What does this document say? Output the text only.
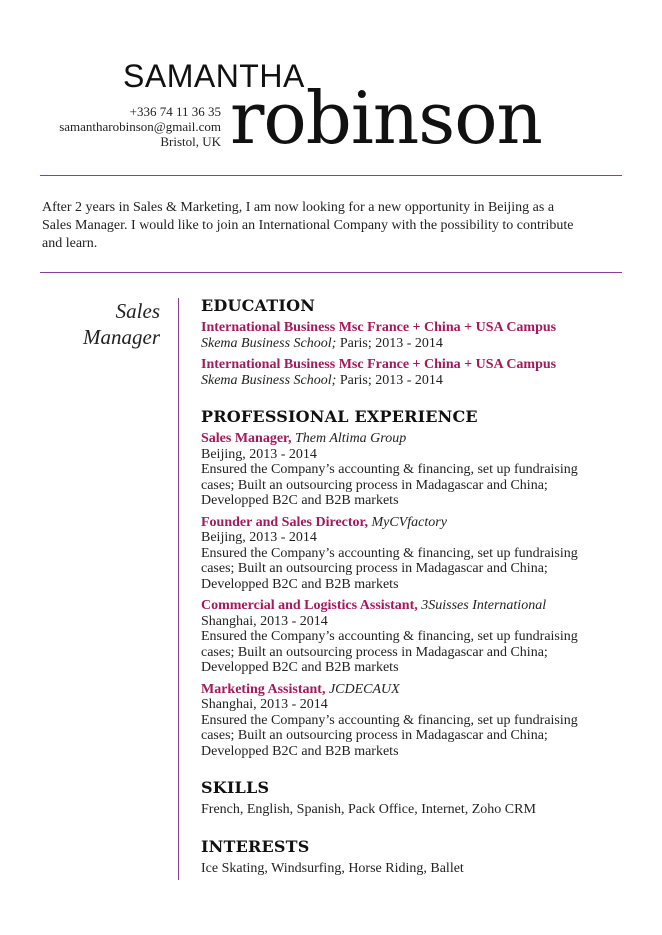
SAMANTHA
robinson
+336 74 11 36 35
samantharobinson@gmail.com
Bristol, UK
After 2 years in Sales & Marketing, I am now looking for a new opportunity in Beijing as a Sales Manager. I would like to join an International Company with the possibility to contribute and learn.
Sales
Manager
EDUCATION
International Business Msc France + China + USA Campus
Skema Business School; Paris; 2013 - 2014
International Business Msc France + China + USA Campus
Skema Business School; Paris; 2013 - 2014
PROFESSIONAL EXPERIENCE
Sales Manager, Them Altima Group
Beijing, 2013 - 2014
Ensured the Company’s accounting & financing, set up fundraising
cases; Built an outsourcing process in Madagascar and China;
Developped B2C and B2B markets
Founder and Sales Director, MyCVfactory
Beijing, 2013 - 2014
Ensured the Company’s accounting & financing, set up fundraising
cases; Built an outsourcing process in Madagascar and China;
Developped B2C and B2B markets
Commercial and Logistics Assistant, 3Suisses International
Shanghai, 2013 - 2014
Ensured the Company’s accounting & financing, set up fundraising
cases; Built an outsourcing process in Madagascar and China;
Developped B2C and B2B markets
Marketing Assistant, JCDECAUX
Shanghai, 2013 - 2014
Ensured the Company’s accounting & financing, set up fundraising
cases; Built an outsourcing process in Madagascar and China;
Developped B2C and B2B markets
SKILLS
French, English, Spanish, Pack Office, Internet, Zoho CRM
INTERESTS
Ice Skating, Windsurfing, Horse Riding, Ballet
